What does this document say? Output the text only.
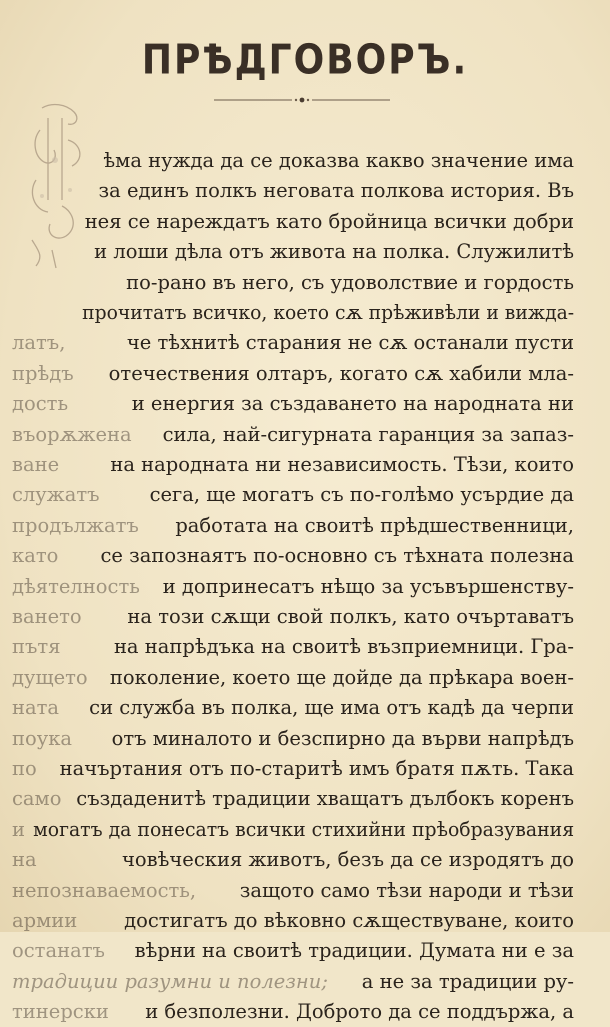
ПРѢДГОВОРЪ.
ѣма нужда да се доказва какво значение има
за единъ полкъ неговата полкова история. Въ
нея се нареждатъ като бройница всички добри
и лоши дѣла отъ живота на полка. Служилитѣ
по-рано въ него, съ удоволствие и гордость
прочитатъ всичко, което сѫ прѣживѣли и вижда-
латъ,	че тѣхнитѣ старания не сѫ останали пусти
прѣдъ отечествения олтаръ, когато сѫ хабили мла-
дость	и енергия за създаването на народната ни
въорѫжена сила, най-сигурната гаранция за запаз-
ване	на народната ни независимость. Тѣзи, които
служатъ	сега, ще могатъ съ по-голѣмо усърдие да
продължатъ работата на своитѣ прѣдшественници,
като се запознаятъ по-основно съ тѣхната полезна
дѣятелность и допринесатъ нѣщо за усъвършенству-
ването на този сѫщи свой полкъ, като очъртаватъ
пътя	на напрѣдъка на своитѣ възприемници. Гра-
дущето поколение, което ще дойде да прѣкара воен-
ната си служба въ полка, ще има отъ кадѣ да черпи
поука отъ миналото и безспирно да върви напрѣдъ
по начъртания отъ по-старитѣ имъ братя пѫть. Така
само създаденитѣ традиции хващатъ дълбокъ коренъ
и могатъ да понесатъ всички стихийни прѣобразувания
на	човѣческия животъ, безъ да се изродятъ до
непознаваемость, защото само тѣзи народи и тѣзи
армии достигатъ до вѣковно сѫществуване, които
останатъ вѣрни на своитѣ традиции. Думата ни е за
традиции разумни и полезни; а не за традиции ру-
тинерски и безполезни. Доброто да се поддържа, а
